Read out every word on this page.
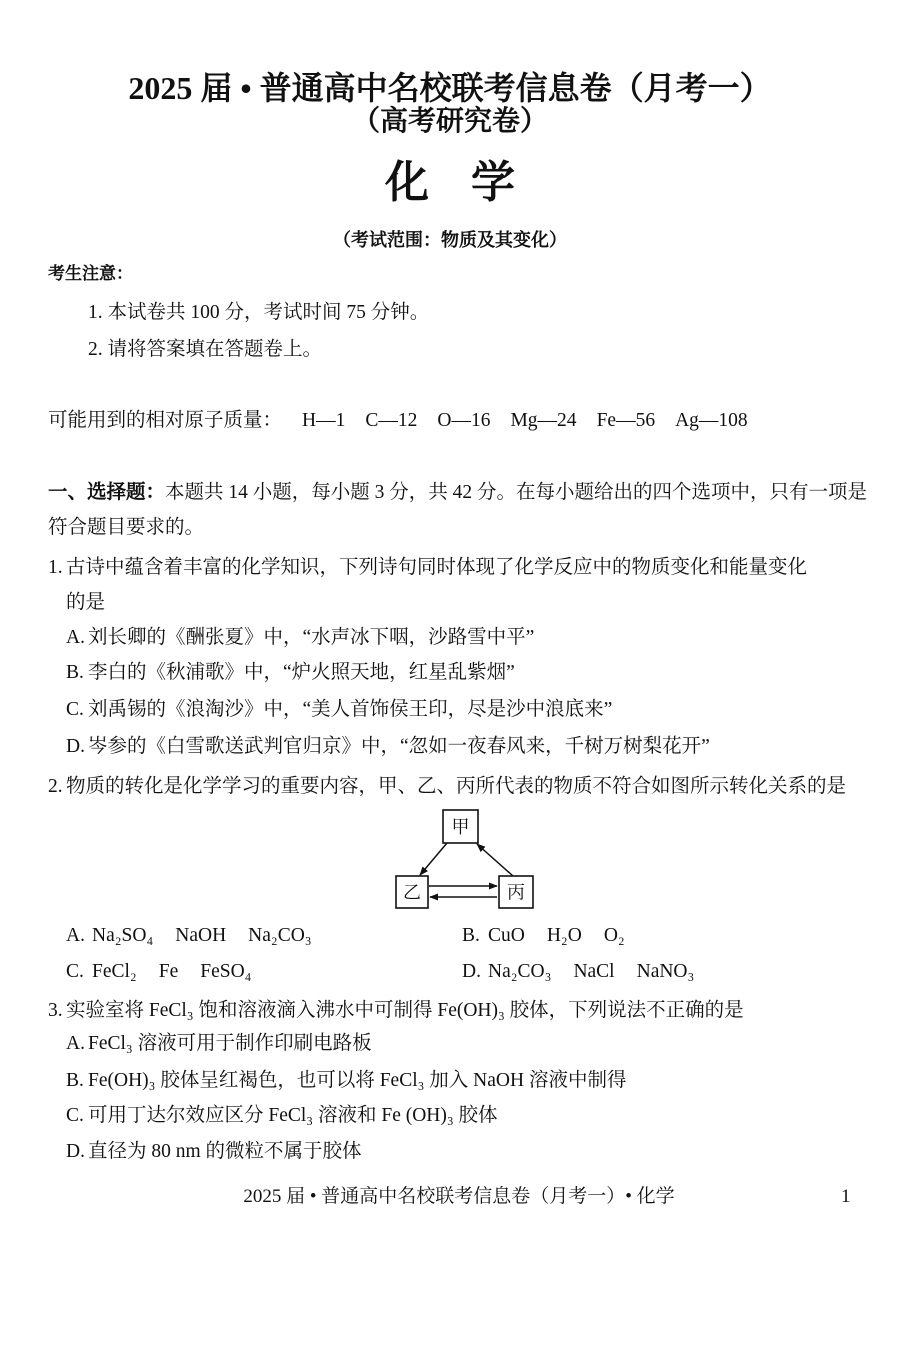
2025 届 • 普通高中名校联考信息卷（月考一）
（高考研究卷）
化学
（考试范围：物质及其变化）
考生注意：
1. 本试卷共 100 分，考试时间 75 分钟。
2. 请将答案填在答题卷上。
可能用到的相对原子质量： H—1 C—12 O—16 Mg—24 Fe—56 Ag—108
一、选择题：本题共 14 小题，每小题 3 分，共 42 分。在每小题给出的四个选项中，只有一项是
符合题目要求的。
1. 古诗中蕴含着丰富的化学知识，下列诗句同时体现了化学反应中的物质变化和能量变化
的是
A. 刘长卿的《酬张夏》中，“水声冰下咽，沙路雪中平”
B. 李白的《秋浦歌》中，“炉火照天地，红星乱紫烟”
C. 刘禹锡的《浪淘沙》中，“美人首饰侯王印，尽是沙中浪底来”
D. 岑参的《白雪歌送武判官归京》中，“忽如一夜春风来，千树万树梨花开”
2. 物质的转化是化学学习的重要内容，甲、乙、丙所代表的物质不符合如图所示转化关系的是
甲
乙	丙
A. Na₂SO₄ NaOH Na₂CO₃	B. CuO H₂O O₂
C. FeCl₂ Fe FeSO₄	D. Na₂CO₃ NaCl NaNO₃
3. 实验室将 FeCl₃ 饱和溶液滴入沸水中可制得 Fe(OH)₃ 胶体，下列说法不正确的是
A. FeCl₃ 溶液可用于制作印刷电路板
B. Fe(OH)₃ 胶体呈红褐色，也可以将 FeCl₃ 加入 NaOH 溶液中制得
C. 可用丁达尔效应区分 FeCl₃ 溶液和 Fe (OH)₃ 胶体
D. 直径为 80 nm 的微粒不属于胶体
2025 届 • 普通高中名校联考信息卷（月考一）• 化学	1
